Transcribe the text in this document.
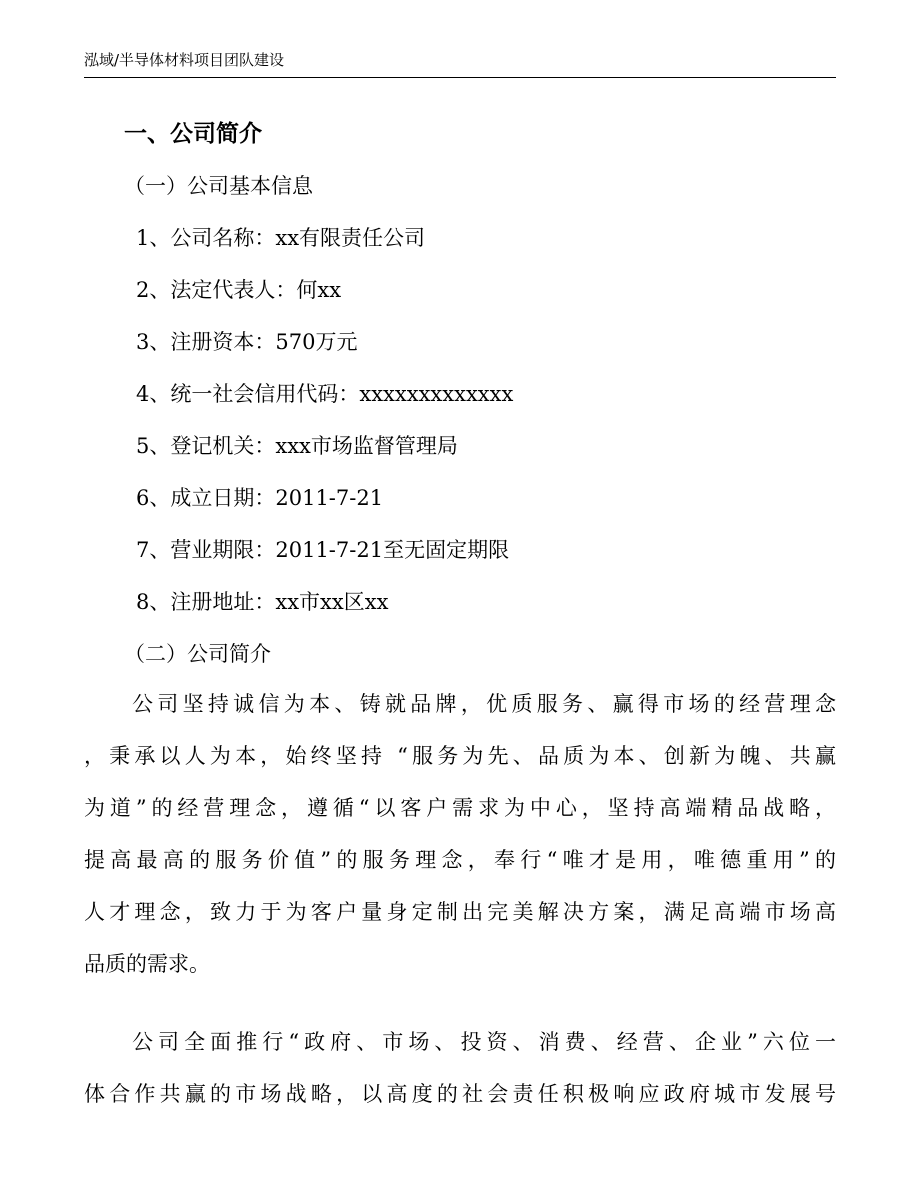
泓域/半导体材料项目团队建设
一、公司简介
（一）公司基本信息
1、公司名称：xx有限责任公司
2、法定代表人：何xx
3、注册资本：570万元
4、统一社会信用代码：xxxxxxxxxxxxx
5、登记机关：xxx市场监督管理局
6、成立日期：2011-7-21
7、营业期限：2011-7-21至无固定期限
8、注册地址：xx市xx区xx
（二）公司简介
公司坚持诚信为本、铸就品牌，优质服务、赢得市场的经营理念
，秉承以人为本，始终坚持 “服务为先、品质为本、创新为魄、共赢
为道”的经营理念，遵循“以客户需求为中心，坚持高端精品战略，
提高最高的服务价值”的服务理念，奉行“唯才是用，唯德重用”的
人才理念，致力于为客户量身定制出完美解决方案，满足高端市场高
品质的需求。
公司全面推行“政府、市场、投资、消费、经营、企业”六位一
体合作共赢的市场战略，以高度的社会责任积极响应政府城市发展号
